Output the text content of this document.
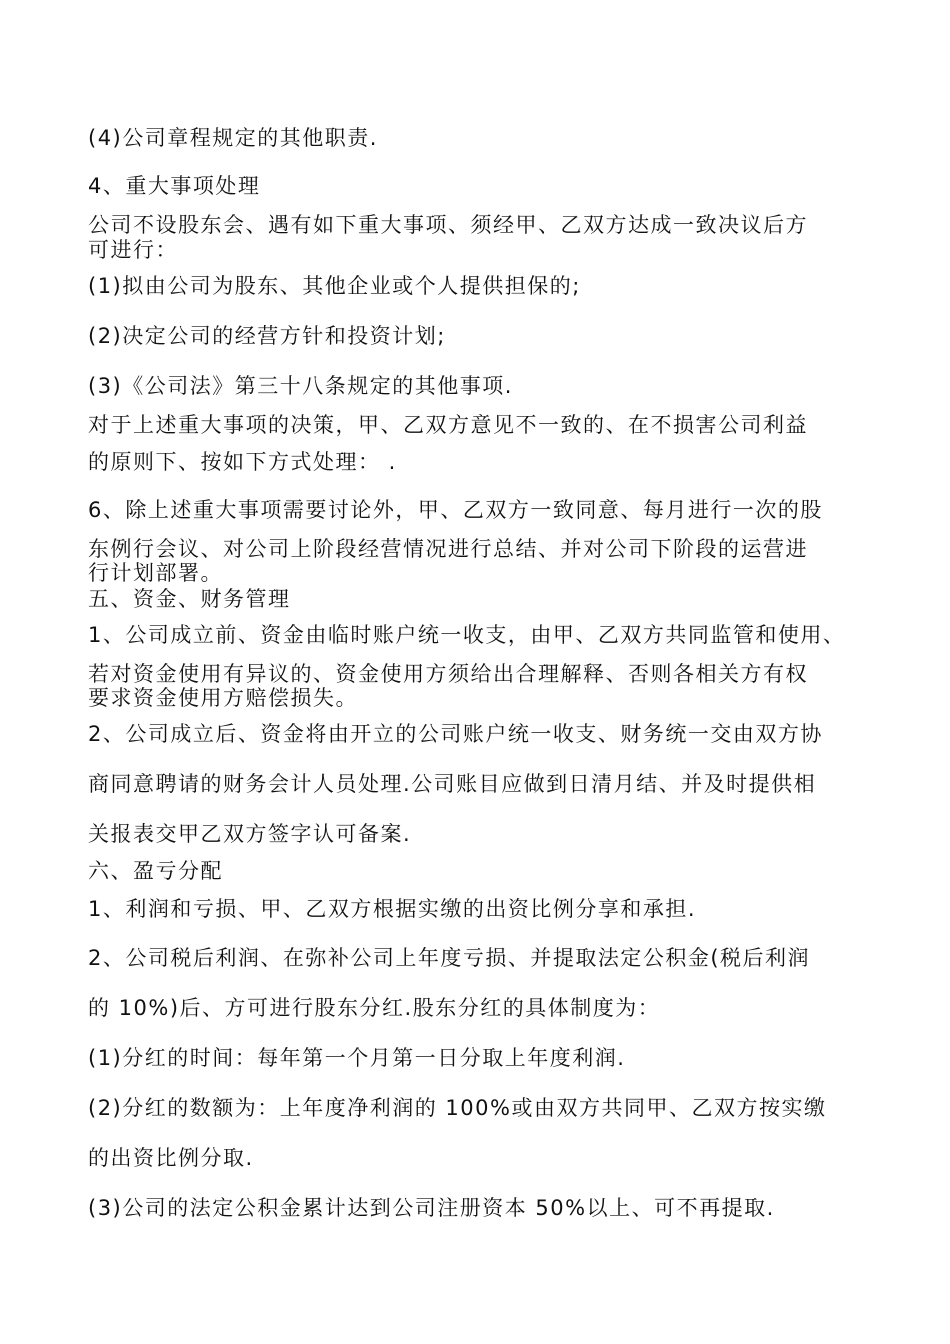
(4)公司章程规定的其他职责.
4、重大事项处理
公司不设股东会、遇有如下重大事项、须经甲、乙双方达成一致决议后方
可进行：
(1)拟由公司为股东、其他企业或个人提供担保的;
(2)决定公司的经营方针和投资计划;
(3)《公司法》第三十八条规定的其他事项.
对于上述重大事项的决策，甲、乙双方意见不一致的、在不损害公司利益
的原则下、按如下方式处理： .
6、除上述重大事项需要讨论外，甲、乙双方一致同意、每月进行一次的股
东例行会议、对公司上阶段经营情况进行总结、并对公司下阶段的运营进
行计划部署。
五、资金、财务管理
1、公司成立前、资金由临时账户统一收支，由甲、乙双方共同监管和使用、
若对资金使用有异议的、资金使用方须给出合理解释、否则各相关方有权
要求资金使用方赔偿损失。
2、公司成立后、资金将由开立的公司账户统一收支、财务统一交由双方协
商同意聘请的财务会计人员处理.公司账目应做到日清月结、并及时提供相
关报表交甲乙双方签字认可备案.
六、盈亏分配
1、利润和亏损、甲、乙双方根据实缴的出资比例分享和承担.
2、公司税后利润、在弥补公司上年度亏损、并提取法定公积金(税后利润
的 10%)后、方可进行股东分红.股东分红的具体制度为：
(1)分红的时间：每年第一个月第一日分取上年度利润.
(2)分红的数额为：上年度净利润的 100%或由双方共同甲、乙双方按实缴
的出资比例分取.
(3)公司的法定公积金累计达到公司注册资本 50%以上、可不再提取.
